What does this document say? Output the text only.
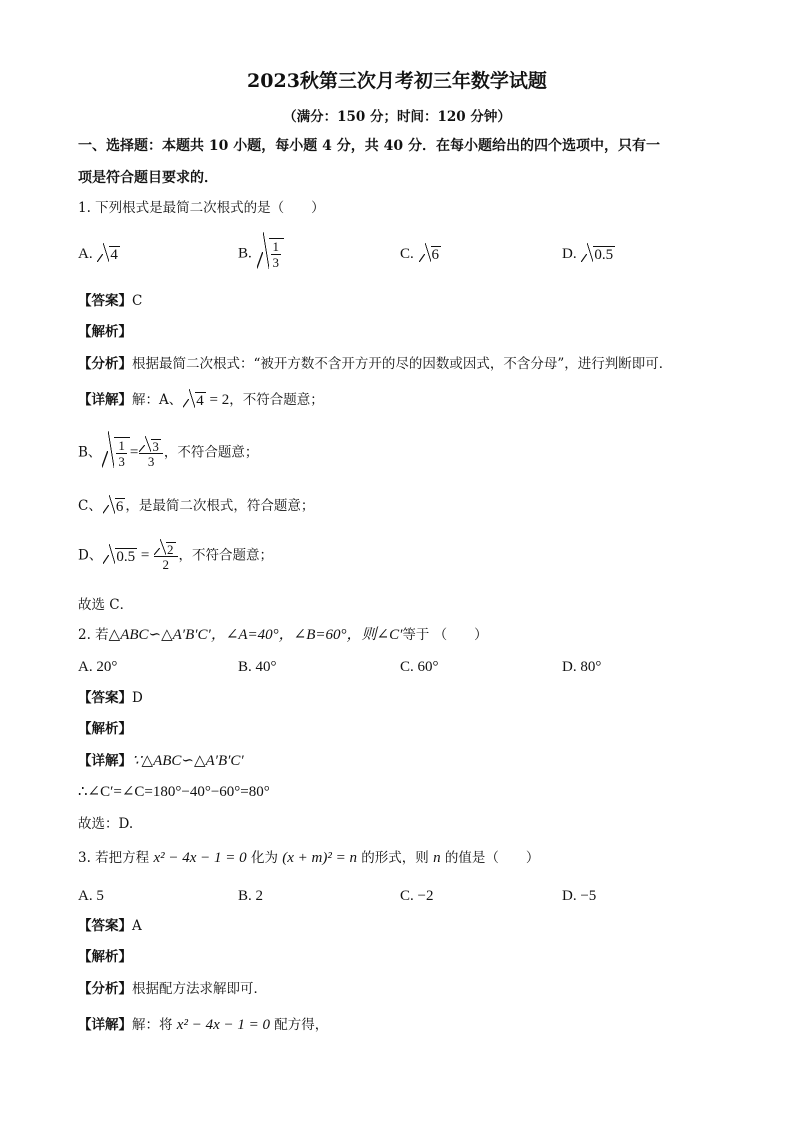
2023秋第三次月考初三年数学试题
（满分：150 分；时间：120 分钟）
一、选择题：本题共 10 小题，每小题 4 分，共 40 分．在每小题给出的四个选项中，只有一
项是符合题目要求的．
1. 下列根式是最简二次根式的是（　　）
A. 4	B. $\frac{1}{3}$	C. 6	D. 0.5
【答案】C
【解析】
【分析】根据最简二次根式：“被开方数不含开方开的尽的因数或因式，不含分母”，进行判断即可．
【详解】解：A、 4 = 2，不符合题意；
B、 $\frac{1}{3} = \frac{3}{3}$ ，不符合题意；
C、 6 ，是最简二次根式，符合题意；
D、 $0.5 = \frac{2}{2}$ ，不符合题意；
故选 C．
2. 若△ABC∽△A′B′C′，∠A=40°，∠B=60°，则∠C′等于 （　　）
A. 20°	B. 40°	C. 60°	D. 80°
【答案】D
【解析】
【详解】∵△ABC∽△A′B′C′
∴∠C′=∠C=180°−40°−60°=80°
故选：D.
3. 若把方程 x² − 4x − 1 = 0 化为 (x + m)² = n 的形式，则 n 的值是（　　）
A. 5	B. 2	C. −2	D. −5
【答案】A
【解析】
【分析】根据配方法求解即可．
【详解】解：将 x² − 4x − 1 = 0 配方得，
